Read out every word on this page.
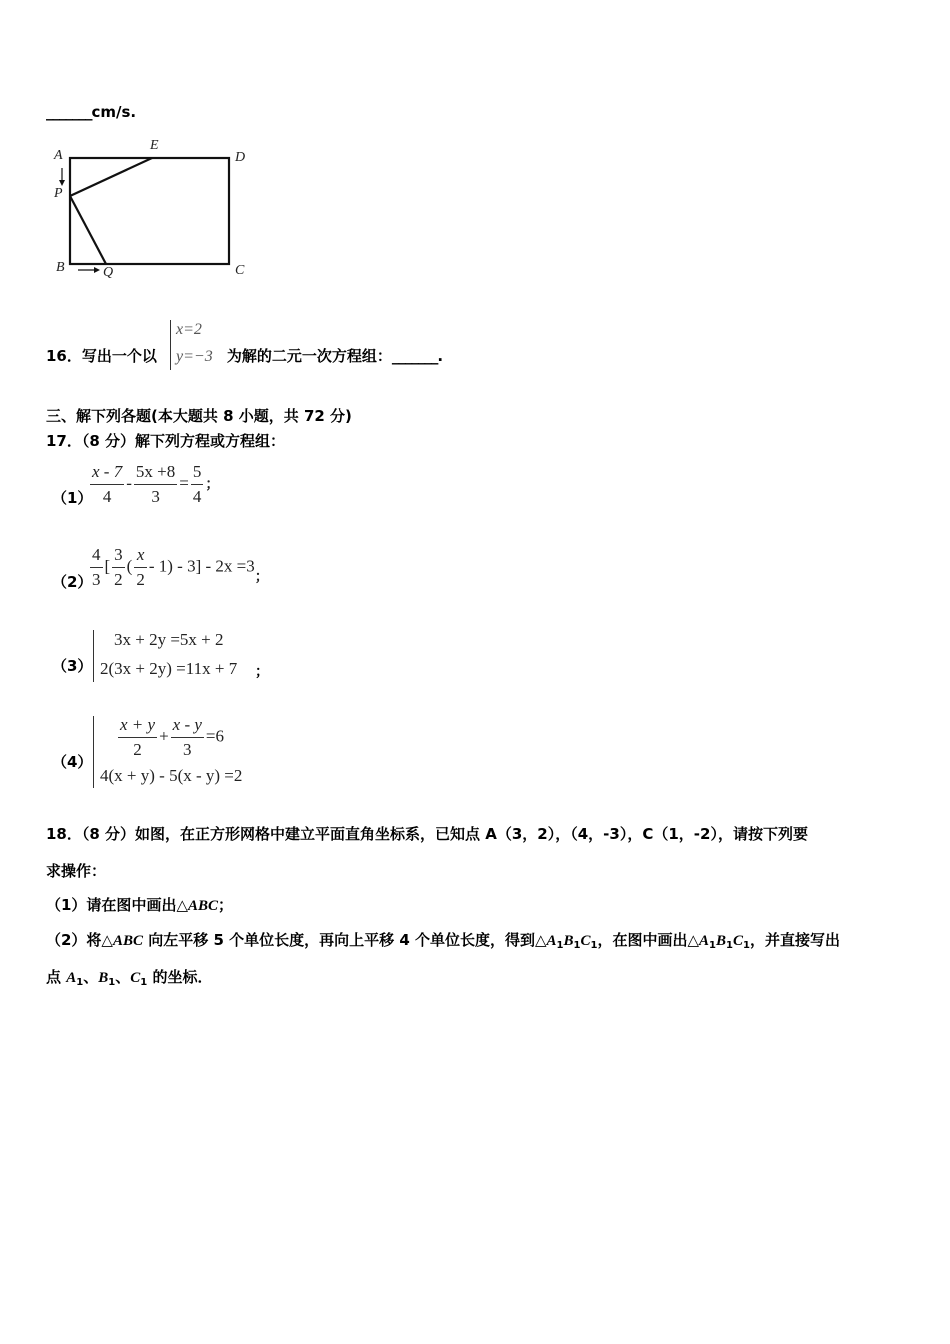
_______cm/s.
A
E
D
P
B	Q	C
16．写出一个以	为解的二元一次方程组：_______.
x=2
y=−3
三、解下列各题(本大题共 8 小题，共 72 分)
17．（8 分）解下列方程或方程组：
（1）
$\frac{x - 7}{4} - \frac{5x +8}{3} = \frac{5}{4}$ ；
（2）
$\frac{4}{3}$ [ $\frac{3}{2}$ ( $\frac{x}{2} - 1) - 3] - 2x =3_;$
（3）
3x + 2y =5x + 2
2(3x + 2y) =11x + 7 ；
$(4) \frac{x + y}{2} + \frac{x - y}{3} =6$
4(x + y) - 5(x - y) =2
18．（8 分）如图，在正方形网格中建立平面直角坐标系，已知点 A（3，2），（4，-3），C（1，-2），请按下列要
求操作：
（1）请在图中画出△ABC；
（2）将△ABC 向左平移 5 个单位长度，再向上平移 4 个单位长度，得到$\triangle A_1B_1C_1$，在图中画出$\triangle A_1B_1C_1$，并直接写出
点 $A_1$、$B_1$、$C_1$ 的坐标．
